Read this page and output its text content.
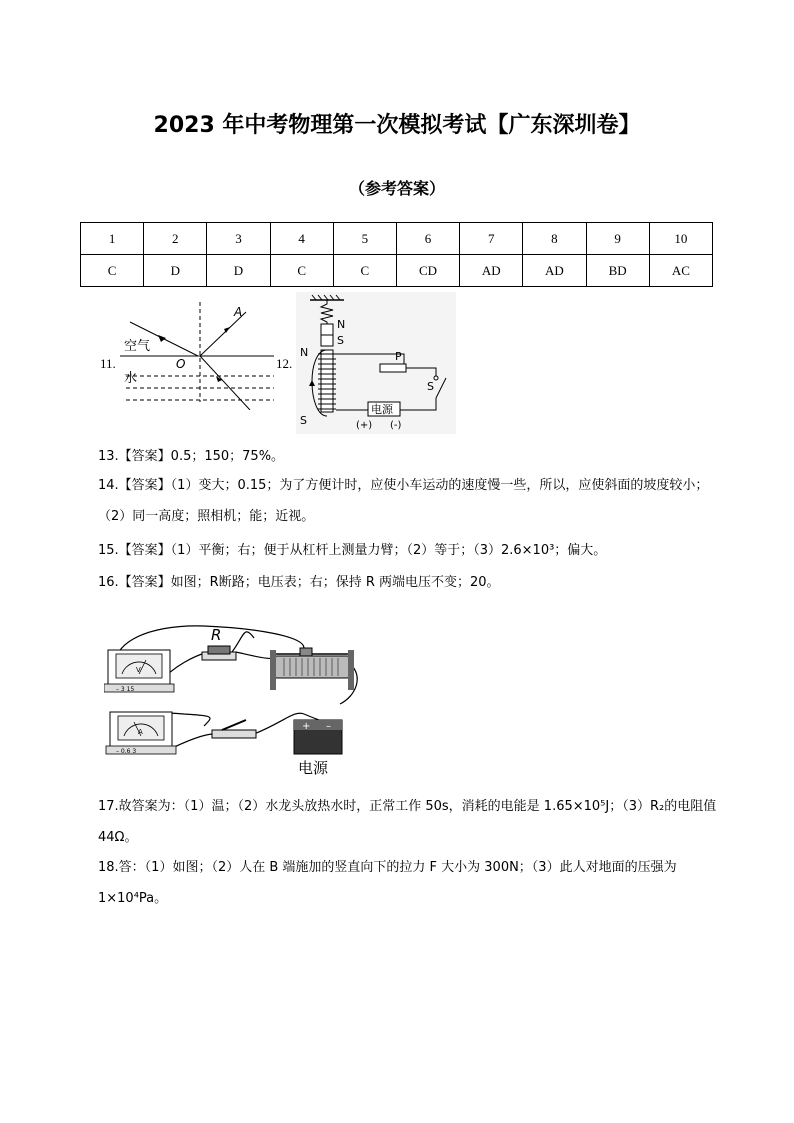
2023 年中考物理第一次模拟考试【广东深圳卷】
（参考答案）
1	2	3	4	5	6	7	8	9	10
C	D	D	C	C	CD	AD	AD	BD	AC
11.
空气
水
O
A
12.
N
S
N
S
P
S
电源
(+) (-)
13.【答案】0.5；150；75%。
14.【答案】（1）变大；0.15；为了方便计时，应使小车运动的速度慢一些，所以，应使斜面的坡度较小；（2）同一高度；照相机；能；近视。
15.【答案】（1）平衡；右；便于从杠杆上测量力臂；（2）等于；（3）2.6×10³；偏大。
16.【答案】如图；R断路；电压表；右；保持 R 两端电压不变；20。
V
– 3 15
R
A
– 0.6 3
+ –
电源
17.故答案为：（1）温；（2）水龙头放热水时，正常工作 50s，消耗的电能是 1.65×10⁵J；（3）R₂的电阻值 44Ω。
18.答：（1）如图；（2）人在 B 端施加的竖直向下的拉力 F 大小为 300N；（3）此人对地面的压强为 1×10⁴Pa。
